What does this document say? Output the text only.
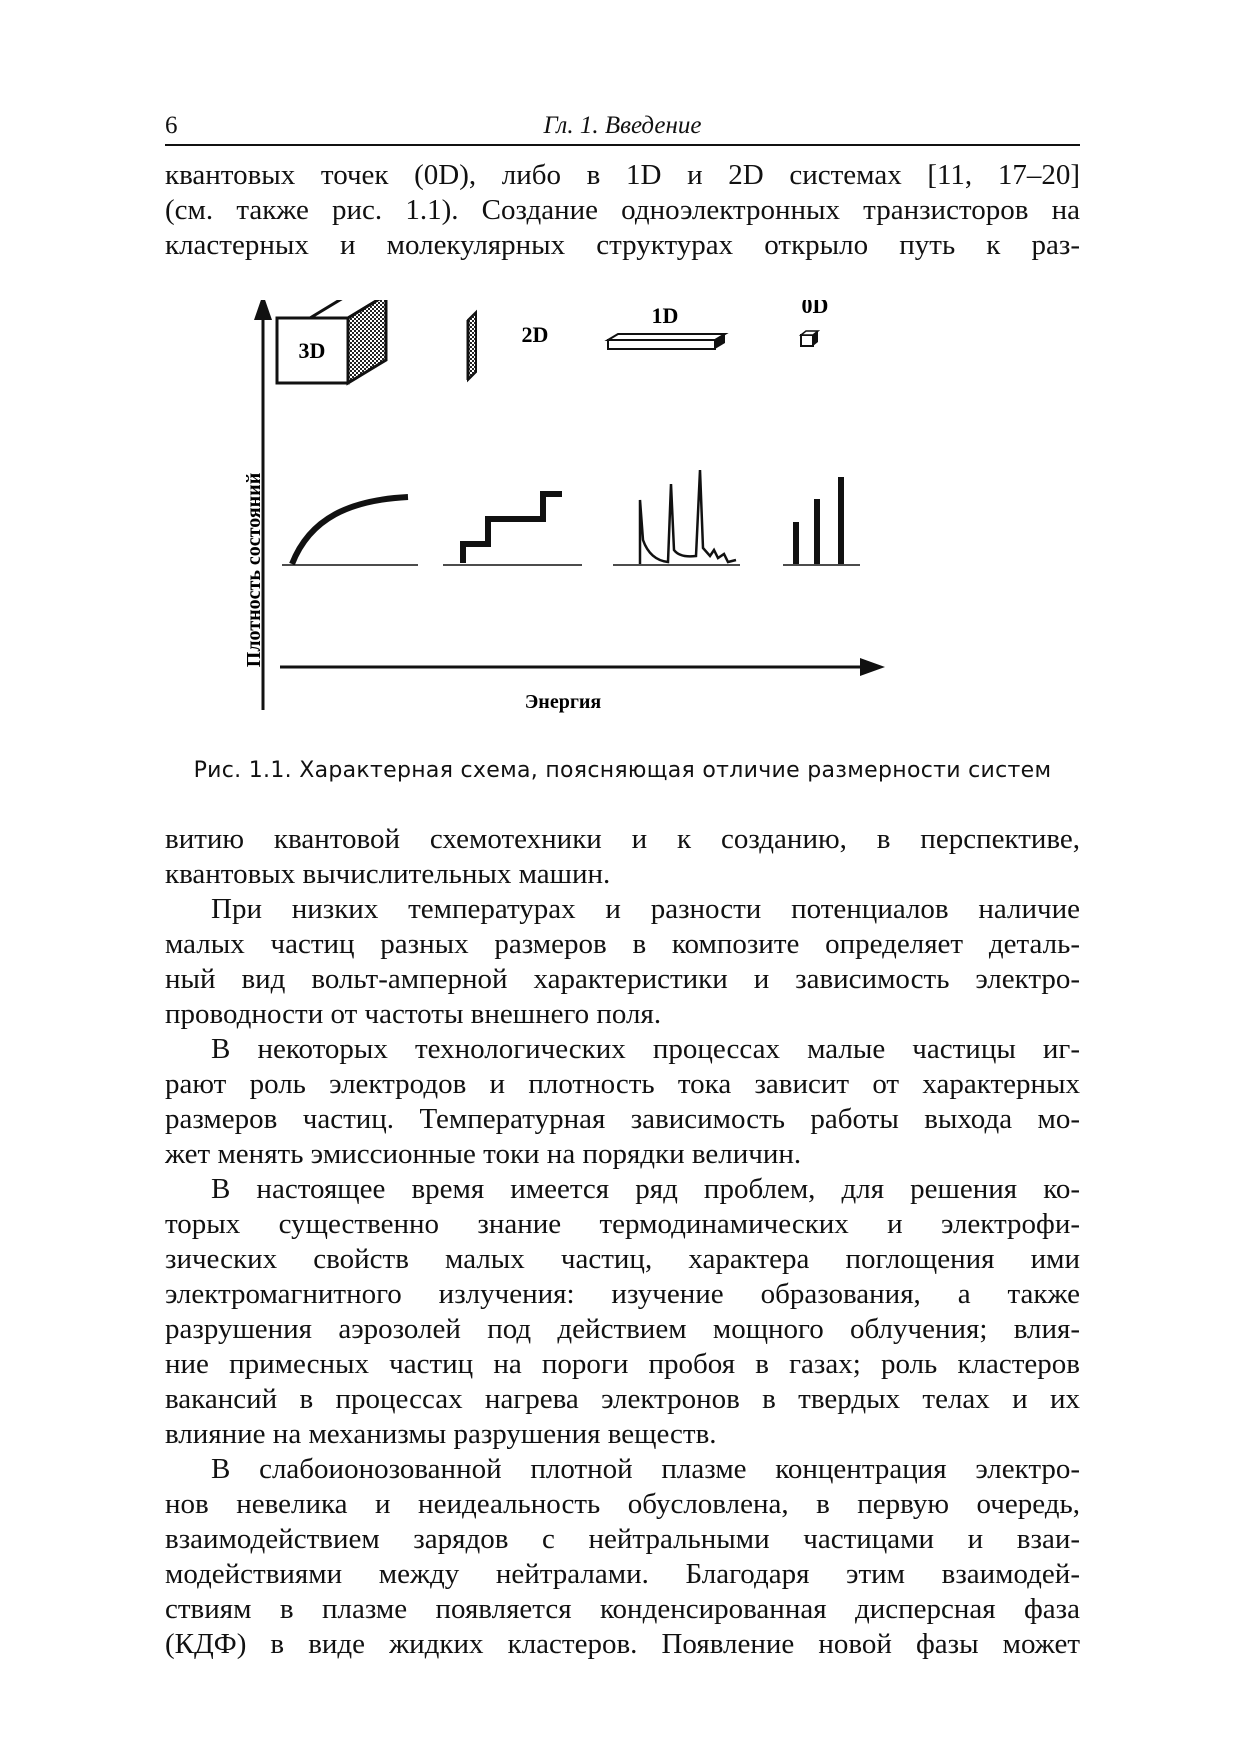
6	Гл. 1. Введение
квантовых точек (0D), либо в 1D и 2D системах [11, 17–20]
(см. также рис. 1.1). Создание одноэлектронных транзисторов на
кластерных и молекулярных структурах открыло путь к раз-
Плотность состояний
Энергия
3D
2D
1D	0D
Рис. 1.1. Характерная схема, поясняющая отличие размерности систем
витию квантовой схемотехники и к созданию, в перспективе,
квантовых вычислительных машин.
При низких температурах и разности потенциалов наличие
малых частиц разных размеров в композите определяет деталь-
ный вид вольт-амперной характеристики и зависимость электро-
проводности от частоты внешнего поля.
В некоторых технологических процессах малые частицы иг-
рают роль электродов и плотность тока зависит от характерных
размеров частиц. Температурная зависимость работы выхода мо-
жет менять эмиссионные токи на порядки величин.
В настоящее время имеется ряд проблем, для решения ко-
торых существенно знание термодинамических и электрофи-
зических свойств малых частиц, характера поглощения ими
электромагнитного излучения: изучение образования, а также
разрушения аэрозолей под действием мощного облучения; влия-
ние примесных частиц на пороги пробоя в газах; роль кластеров
вакансий в процессах нагрева электронов в твердых телах и их
влияние на механизмы разрушения веществ.
В слабоионозованной плотной плазме концентрация электро-
нов невелика и неидеальность обусловлена, в первую очередь,
взаимодействием зарядов с нейтральными частицами и взаи-
модействиями между нейтралами. Благодаря этим взаимодей-
ствиям в плазме появляется конденсированная дисперсная фаза
(КДФ) в виде жидких кластеров. Появление новой фазы может
